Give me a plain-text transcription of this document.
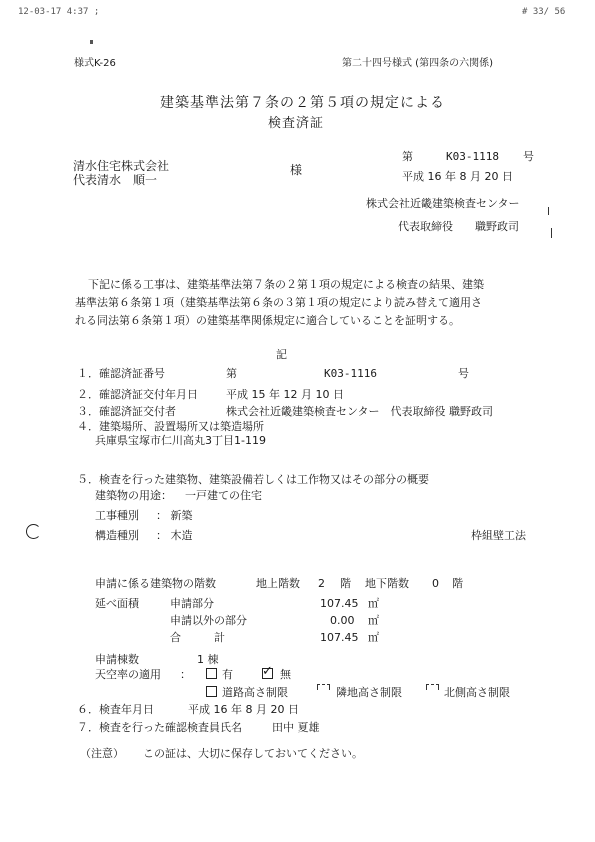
12-03-17 4:37 ;	# 33/ 56
様式K-26	第二十四号様式 (第四条の六関係)
建築基準法第７条の２第５項の規定による
検査済証
清水住宅株式会社
代表清水　順一
様
第	K03-1118 号
平成 16 年 8 月 20 日
株式会社近畿建築検査センター
代表取締役　　職野政司
下記に係る工事は、建築基準法第７条の２第１項の規定による検査の結果、建築
基準法第６条第１項（建築基準法第６条の３第１項の規定により読み替えて適用さ
れる同法第６条第１項）の建築基準関係規定に適合していることを証明する。
記
１．確認済証番号	第	K03-1116	号
２．確認済証交付年月日	平成 15 年 12 月 10 日
３．確認済証交付者	株式会社近畿建築検査センター　代表取締役 職野政司
４．建築場所、設置場所又は築造場所
兵庫県宝塚市仁川高丸3丁目1-119
５．検査を行った建築物、建築設備若しくは工作物又はその部分の概要
建築物の用途： 一戸建ての住宅
工事種別 ： 新築
構造種別 ： 木造	枠組壁工法
申請に係る建築物の階数	地上階数 2 階 地下階数 0 階
延べ面積	申請部分	107.45 ㎡
申請以外の部分	0.00 ㎡
合　　　計	107.45 ㎡
申請棟数	1 棟
天空率の適用 ：	有 ✓ 無
道路高さ制限	隣地高さ制限	北側高さ制限
６．検査年月日	平成 16 年 8 月 20 日
７．検査を行った確認検査員氏名	田中 夏雄
（注意） この証は、大切に保存しておいてください。
